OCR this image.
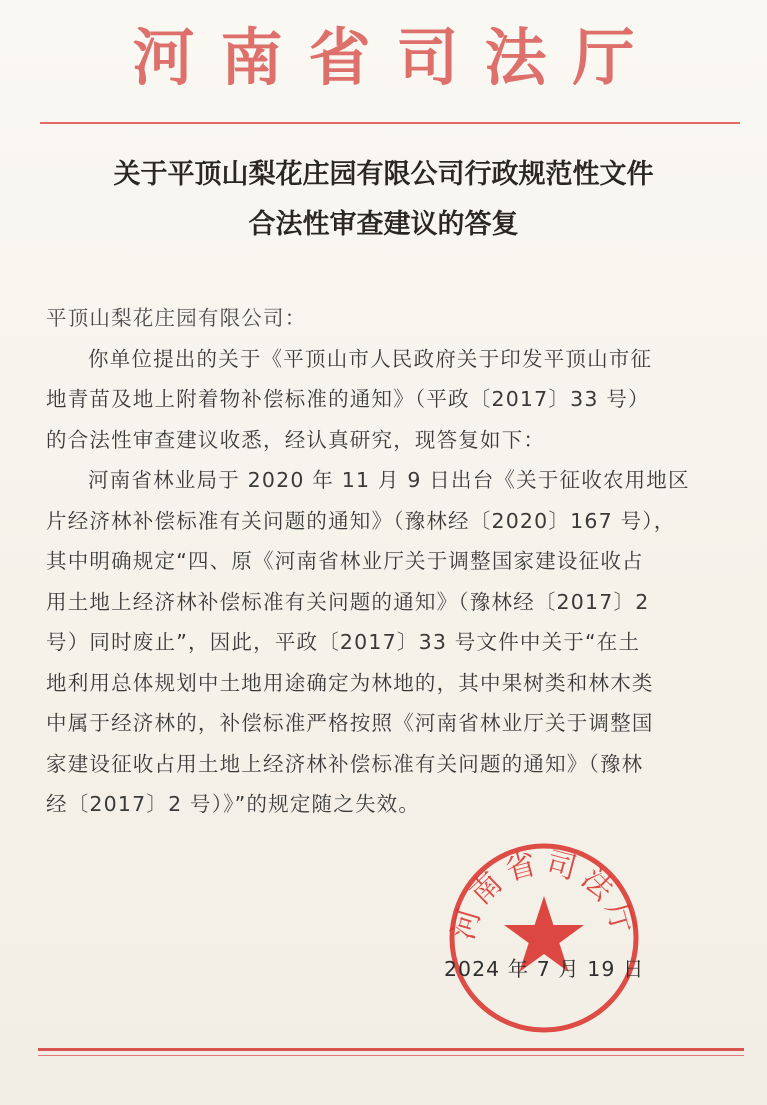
河南省司法厅
关于平顶山梨花庄园有限公司行政规范性文件
合法性审查建议的答复
平顶山梨花庄园有限公司：
你单位提出的关于《平顶山市人民政府关于印发平顶山市征
地青苗及地上附着物补偿标准的通知》（平政〔2017〕33 号）
的合法性审查建议收悉，经认真研究，现答复如下：
河南省林业局于 2020 年 11 月 9 日出台《关于征收农用地区
片经济林补偿标准有关问题的通知》（豫林经〔2020〕167 号），
其中明确规定“四、原《河南省林业厅关于调整国家建设征收占
用土地上经济林补偿标准有关问题的通知》（豫林经〔2017〕2
号）同时废止”，因此，平政〔2017〕33 号文件中关于“在土
地利用总体规划中土地用途确定为林地的，其中果树类和林木类
中属于经济林的，补偿标准严格按照《河南省林业厅关于调整国
家建设征收占用土地上经济林补偿标准有关问题的通知》（豫林
经〔2017〕2 号）》”的规定随之失效。
河南省司法厅
2024 年 7 月 19 日
